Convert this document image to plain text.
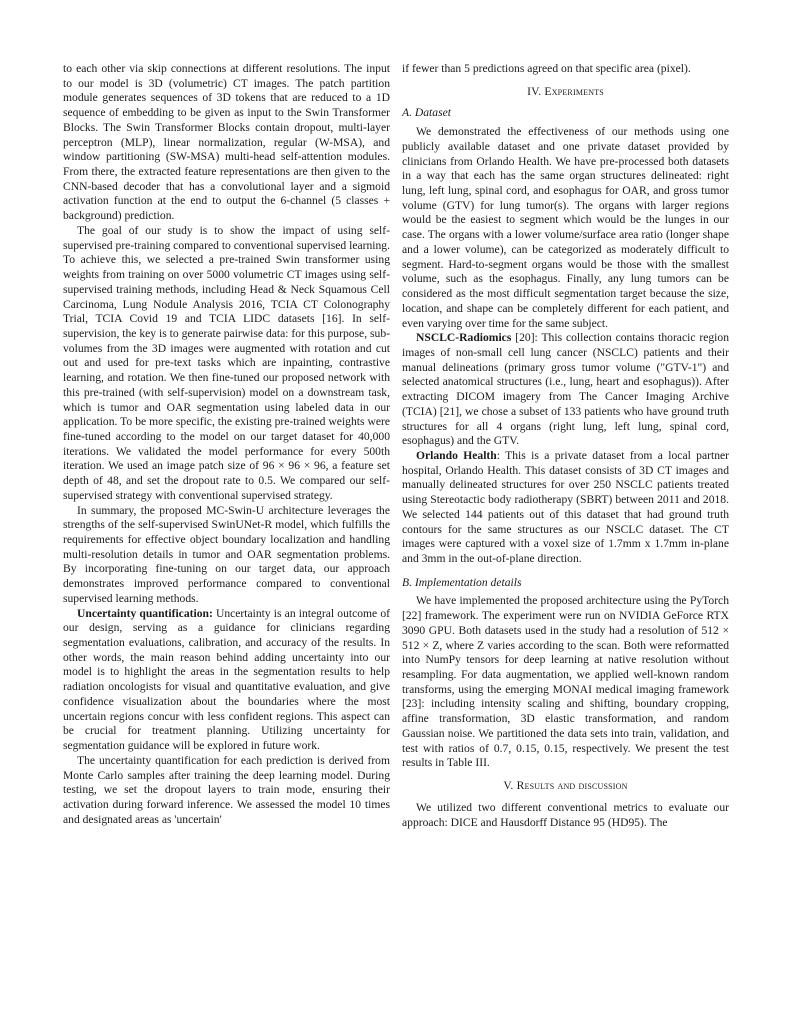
to each other via skip connections at different resolutions. The input to our model is 3D (volumetric) CT images. The patch partition module generates sequences of 3D tokens that are reduced to a 1D sequence of embedding to be given as input to the Swin Transformer Blocks. The Swin Transformer Blocks contain dropout, multi-layer perceptron (MLP), linear normalization, regular (W-MSA), and window partitioning (SW-MSA) multi-head self-attention modules. From there, the extracted feature representations are then given to the CNN-based decoder that has a convolutional layer and a sigmoid activation function at the end to output the 6-channel (5 classes + background) prediction.

The goal of our study is to show the impact of using self-supervised pre-training compared to conventional supervised learning. To achieve this, we selected a pre-trained Swin transformer using weights from training on over 5000 volumetric CT images using self-supervised training methods, including Head & Neck Squamous Cell Carcinoma, Lung Nodule Analysis 2016, TCIA CT Colonography Trial, TCIA Covid 19 and TCIA LIDC datasets [16]. In self-supervision, the key is to generate pairwise data: for this purpose, sub-volumes from the 3D images were augmented with rotation and cut out and used for pre-text tasks which are inpainting, contrastive learning, and rotation. We then fine-tuned our proposed network with this pre-trained (with self-supervision) model on a downstream task, which is tumor and OAR segmentation using labeled data in our application. To be more specific, the existing pre-trained weights were fine-tuned according to the model on our target dataset for 40,000 iterations. We validated the model performance for every 500th iteration. We used an image patch size of 96 × 96 × 96, a feature set depth of 48, and set the dropout rate to 0.5. We compared our self-supervised strategy with conventional supervised strategy.

In summary, the proposed MC-Swin-U architecture leverages the strengths of the self-supervised SwinUNet-R model, which fulfills the requirements for effective object boundary localization and handling multi-resolution details in tumor and OAR segmentation problems. By incorporating fine-tuning on our target data, our approach demonstrates improved performance compared to conventional supervised learning methods.

Uncertainty quantification: Uncertainty is an integral outcome of our design, serving as a guidance for clinicians regarding segmentation evaluations, calibration, and accuracy of the results. In other words, the main reason behind adding uncertainty into our model is to highlight the areas in the segmentation results to help radiation oncologists for visual and quantitative evaluation, and give confidence visualization about the boundaries where the most uncertain regions concur with less confident regions. This aspect can be crucial for treatment planning. Utilizing uncertainty for segmentation guidance will be explored in future work.

The uncertainty quantification for each prediction is derived from Monte Carlo samples after training the deep learning model. During testing, we set the dropout layers to train mode, ensuring their activation during forward inference. We assessed the model 10 times and designated areas as 'uncertain'

if fewer than 5 predictions agreed on that specific area (pixel).

IV. Experiments
A. Dataset

We demonstrated the effectiveness of our methods using one publicly available dataset and one private dataset provided by clinicians from Orlando Health. We have pre-processed both datasets in a way that each has the same organ structures delineated: right lung, left lung, spinal cord, and esophagus for OAR, and gross tumor volume (GTV) for lung tumor(s). The organs with larger regions would be the easiest to segment which would be the lunges in our case. The organs with a lower volume/surface area ratio (longer shape and a lower volume), can be categorized as moderately difficult to segment. Hard-to-segment organs would be those with the smallest volume, such as the esophagus. Finally, any lung tumors can be considered as the most difficult segmentation target because the size, location, and shape can be completely different for each patient, and even varying over time for the same subject.

NSCLC-Radiomics [20]: This collection contains thoracic region images of non-small cell lung cancer (NSCLC) patients and their manual delineations (primary gross tumor volume ("GTV-1") and selected anatomical structures (i.e., lung, heart and esophagus)). After extracting DICOM imagery from The Cancer Imaging Archive (TCIA) [21], we chose a subset of 133 patients who have ground truth structures for all 4 organs (right lung, left lung, spinal cord, esophagus) and the GTV.

Orlando Health: This is a private dataset from a local partner hospital, Orlando Health. This dataset consists of 3D CT images and manually delineated structures for over 250 NSCLC patients treated using Stereotactic body radiotherapy (SBRT) between 2011 and 2018. We selected 144 patients out of this dataset that had ground truth contours for the same structures as our NSCLC dataset. The CT images were captured with a voxel size of 1.7mm x 1.7mm in-plane and 3mm in the out-of-plane direction.

B. Implementation details

We have implemented the proposed architecture using the PyTorch [22] framework. The experiment were run on NVIDIA GeForce RTX 3090 GPU. Both datasets used in the study had a resolution of 512 × 512 × Z, where Z varies according to the scan. Both were reformatted into NumPy tensors for deep learning at native resolution without resampling. For data augmentation, we applied well-known random transforms, using the emerging MONAI medical imaging framework [23]: including intensity scaling and shifting, boundary cropping, affine transformation, 3D elastic transformation, and random Gaussian noise. We partitioned the data sets into train, validation, and test with ratios of 0.7, 0.15, 0.15, respectively. We present the test results in Table III.

V. Results and discussion

We utilized two different conventional metrics to evaluate our approach: DICE and Hausdorff Distance 95 (HD95). The
